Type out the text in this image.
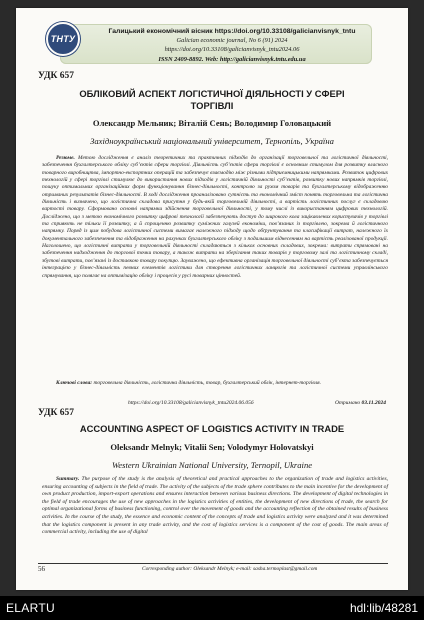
ТНТУ
Галицький економічний вісник https://doi.org/10.33108/galicianvisnyk_tntu
Galician economic journal, No 6 (91) 2024
https://doi.org/10.33108/galicianvisnyk_tntu2024.06
ISSN 2409-8892. Web: http://galicianvisnyk.tntu.edu.ua
УДК 657
ОБЛІКОВИЙ АСПЕКТ ЛОГІСТИЧНОЇ ДІЯЛЬНОСТІ У СФЕРІ
ТОРГІВЛІ
Олександр Мельник; Віталій Сень; Володимир Головацький
Західноукраїнський національний університет, Тернопіль, Україна

Резюме. Метою дослідження є аналіз теоретичних та практичних підходів до організації торговельної та логістичної діяльності, забезпечення бухгалтерського обліку суб’єктів сфери торгівлі. Діяльність суб’єктів сфери торгівлі є основним стимулом для розвитку власного товарного виробництва, імпортно-експортних операцій та забезпечує взаємодію між різними підприємницькими напрямками. Розвиток цифрових технологій у сфері торгівлі стимулює до використання нових підходів у логістичній діяльності суб’єктів, розвитку нових напрямків торгівлі, пошуку оптимальних організаційних форм функціонування бізнес-діяльності, контролю за рухом товарів та бухгалтерському відображенню отриманих результатів бізнес-діяльності. В ході дослідження проаналізовано сутність та економічний зміст понять торговельна та логістична діяльність і визначено, що логістична складова присутня у будь-якій торговельній діяльності, а вартість логістичних послуг є складовою вартості товару. Сформовано основні напрямки здійснення торговельної діяльності, у тому числі із використанням цифрових технологій. Досліджено, що з метою економічного розвитку цифрові технології забезпечують доступ до широкого кола зацікавлених користувачів у торгівлі та сприяють не тільки її розвитку, а й спрощенню розвитку суміжних галузей економіки, пов’язаних із торгівлею, зокрема й логістичного напрямку. Поряд із цим побудова логістичної системи вимагає належного підходу щодо обґрунтування та класифікації витрат, належного їх документального забезпечення та відображення на рахунках бухгалтерського обліку з подальшим віднесенням на вартість реалізованої продукції. Наголошено, що логістичні витрати у торговельній діяльності складаються з кількох основних складових, зокрема: витрати спрямовані на забезпечення надходження до торгової точки товару, а також витрати на зберігання таких товарів у торговому залі та логістичному складі, збутові витрати, пов’язані із доставкою товару покупцю. Зауважено, що ефективна організація торговельної діяльності суб’єкта забезпечується інтеграцією у бізнес-діяльність певних елементів логістики для створення логістичних ланцюгів та логістичної системи управлінського спрямування, що полягає на оптимізацію обліку і процесів у русі товарних цінностей.

Ключові слова: торговельна діяльність, логістична діяльність, товар, бухгалтерський облік, інтернет-торгівля.
https://doi.org/10.33108/galicianvisnyk_tntu2024.06.056	Отримано 03.11.2024
УДК 657
ACCOUNTING ASPECT OF LOGISTICS ACTIVITY IN TRADE
Oleksandr Melnyk; Vitalii Sen; Volodymyr Holovatskyi
Western Ukrainian National University, Ternopil, Ukraine
Summary. The purpose of the study is the analysis of theoretical and practical approaches to the organization of trade and logistics activities, ensuring accounting of subjects in the field of trade. The activity of the subjects of the trade sphere contributes to the main incentive for the development of own product production, import-export operations and ensures interaction between various business directions. The development of digital technologies in the field of trade encourages the use of new approaches in the logistics activities of entities, the development of new directions of trade, the search for optimal organizational forms of business functioning, control over the movement of goods and the accounting reflection of the obtained results of business activities. In the course of the study, the essence and economic content of the concepts of trade and logistics activity were analyzed and it was determined that the logistics component is present in any trade activity, and the cost of logistics services is a component of the cost of goods. The main areas of commercial activity, including the use of digital
56	Corresponding author: Oleksandr Melnyk; e-mail: sasha.termoplast@gmail.com
ELARTU	hdl:lib/48281
